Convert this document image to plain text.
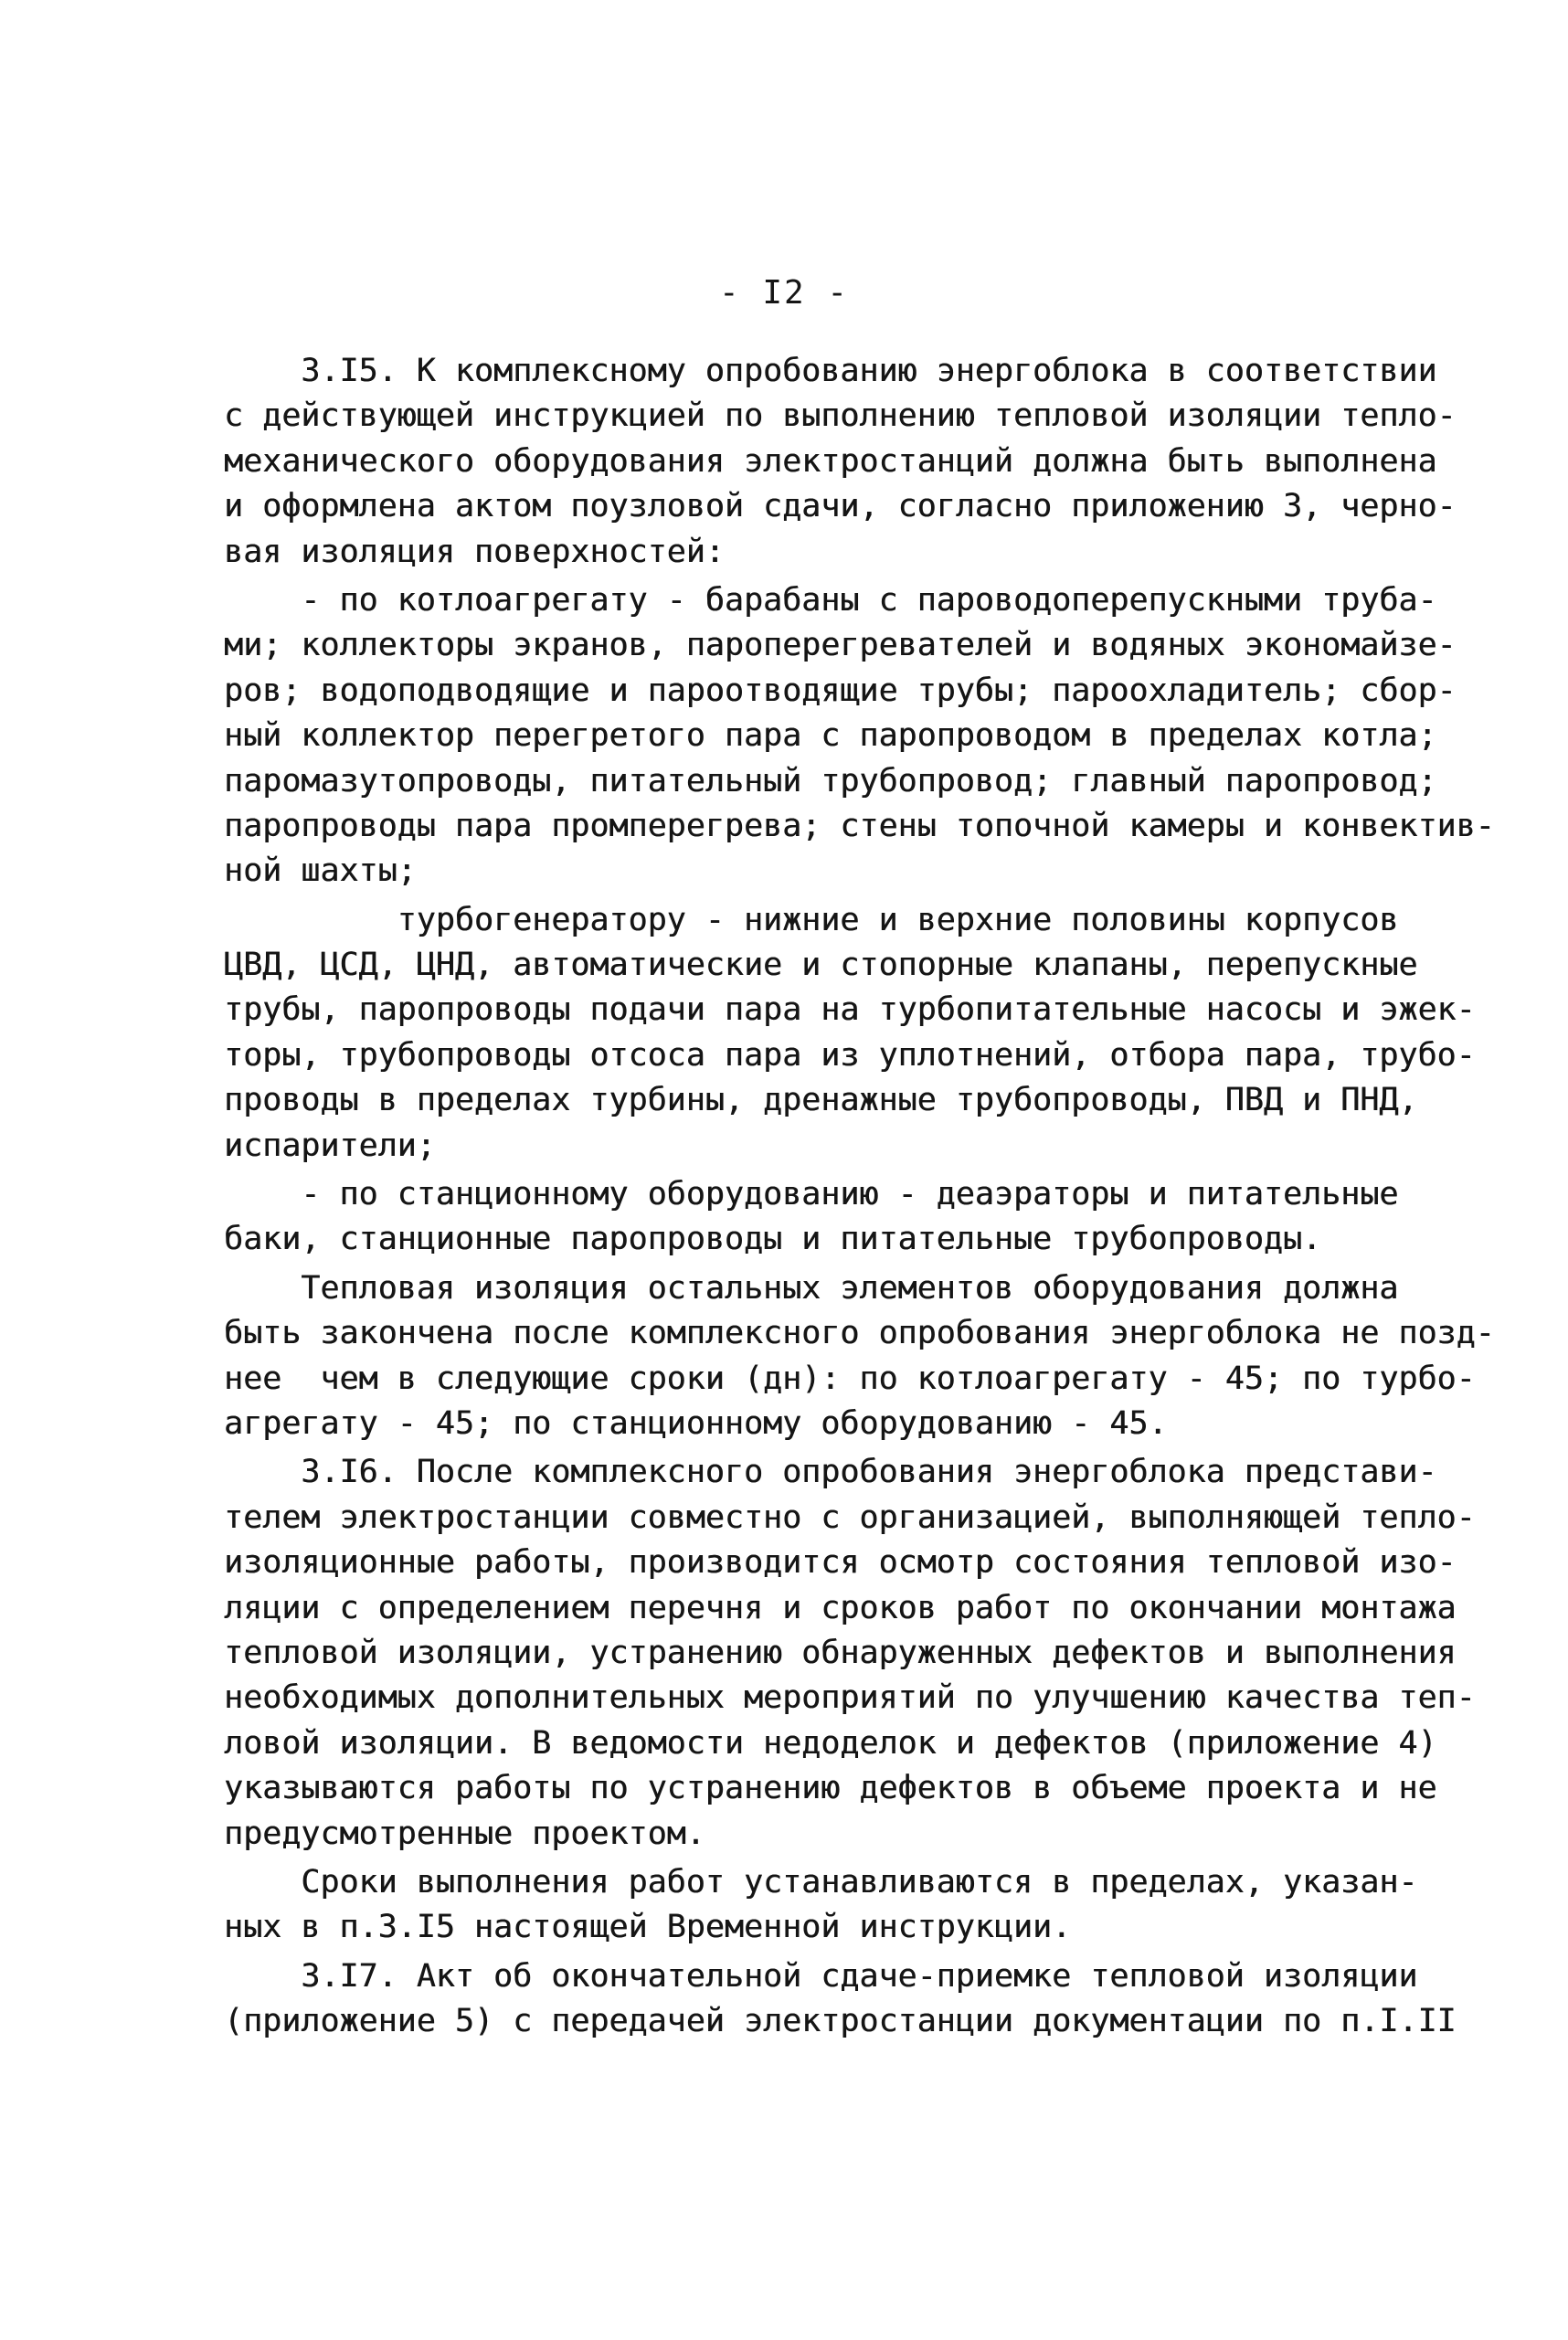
- I2 -
3.I5. К комплексному опробованию энергоблока в соответствии
с действующей инструкцией по выполнению тепловой изоляции тепло-
механического оборудования электростанций должна быть выполнена
и оформлена актом поузловой сдачи, согласно приложению 3, черно-
вая изоляция поверхностей:
- по котлоагрегату - барабаны с пароводоперепускными труба-
ми; коллекторы экранов, пароперегревателей и водяных экономайзе-
ров; водоподводящие и пароотводящие трубы; пароохладитель; сбор-
ный коллектор перегретого пара с паропроводом в пределах котла;
паромазутопроводы, питательный трубопровод; главный паропровод;
паропроводы пара промперегрева; стены топочной камеры и конвектив-
ной шахты;
турбогенератору - нижние и верхние половины корпусов
ЦВД, ЦСД, ЦНД, автоматические и стопорные клапаны, перепускные
трубы, паропроводы подачи пара на турбопитательные насосы и эжек-
торы, трубопроводы отсоса пара из уплотнений, отбора пара, трубо-
проводы в пределах турбины, дренажные трубопроводы, ПВД и ПНД,
испарители;
- по станционному оборудованию - деаэраторы и питательные
баки, станционные паропроводы и питательные трубопроводы.
Тепловая изоляция остальных элементов оборудования должна
быть закончена после комплексного опробования энергоблока не позд-
нее  чем в следующие сроки (дн): по котлоагрегату - 45; по турбо-
агрегату - 45; по станционному оборудованию - 45.
3.I6. После комплексного опробования энергоблока представи-
телем электростанции совместно с организацией, выполняющей тепло-
изоляционные работы, производится осмотр состояния тепловой изо-
ляции с определением перечня и сроков работ по окончании монтажа
тепловой изоляции, устранению обнаруженных дефектов и выполнения
необходимых дополнительных мероприятий по улучшению качества теп-
ловой изоляции. В ведомости недоделок и дефектов (приложение 4)
указываются работы по устранению дефектов в объеме проекта и не
предусмотренные проектом.
Сроки выполнения работ устанавливаются в пределах, указан-
ных в п.3.I5 настоящей Временной инструкции.
3.I7. Акт об окончательной сдаче-приемке тепловой изоляции
(приложение 5) с передачей электростанции документации по п.I.II
